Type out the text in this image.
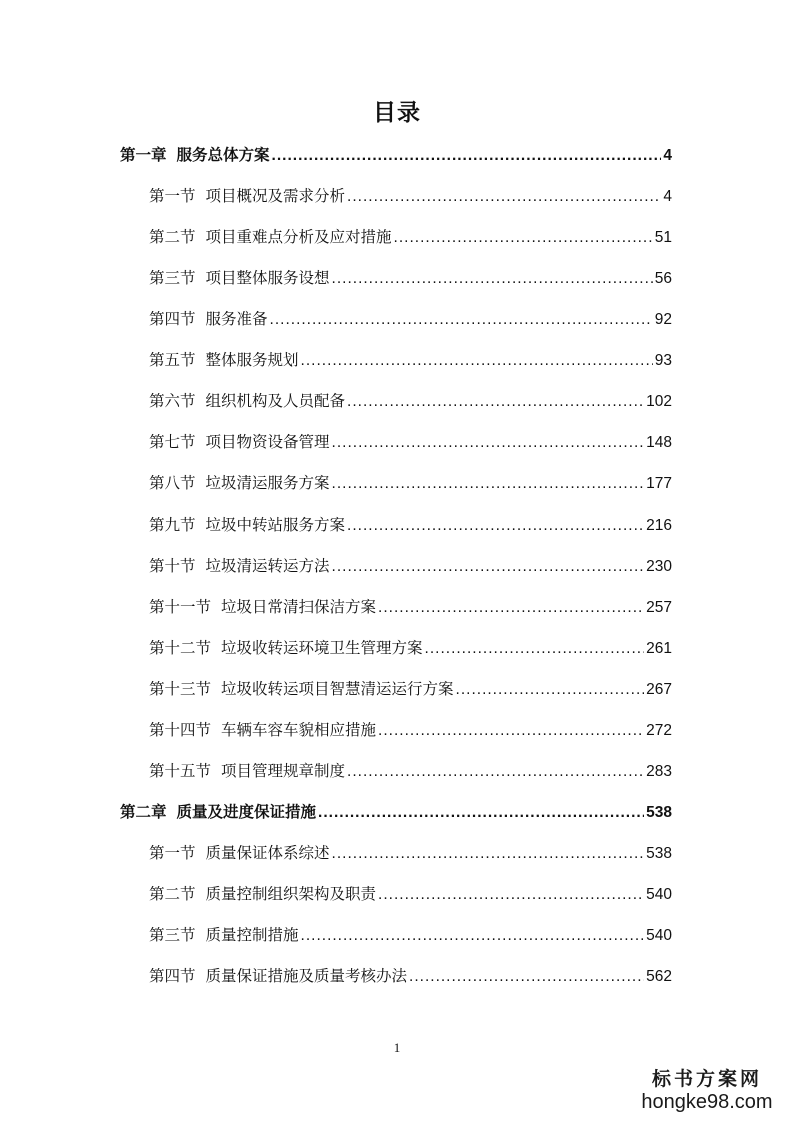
目录
第一章 服务总体方案 .....	4
第一节 项目概况及需求分析 .....	4
第二节 项目重难点分析及应对措施 .....	51
第三节 项目整体服务设想 .....	56
第四节 服务准备 .....	92
第五节 整体服务规划 .....	93
第六节 组织机构及人员配备 .....	102
第七节 项目物资设备管理 .....	148
第八节 垃圾清运服务方案 .....	177
第九节 垃圾中转站服务方案 .....	216
第十节 垃圾清运转运方法 .....	230
第十一节 垃圾日常清扫保洁方案 .....	257
第十二节 垃圾收转运环境卫生管理方案 .....	261
第十三节 垃圾收转运项目智慧清运运行方案 .....	267
第十四节 车辆车容车貌相应措施 .....	272
第十五节 项目管理规章制度 .....	283
第二章 质量及进度保证措施 .....	538
第一节 质量保证体系综述 .....	538
第二节 质量控制组织架构及职责 .....	540
第三节 质量控制措施 .....	540
第四节 质量保证措施及质量考核办法 .....	562
1
标书方案网
hongke98.com
